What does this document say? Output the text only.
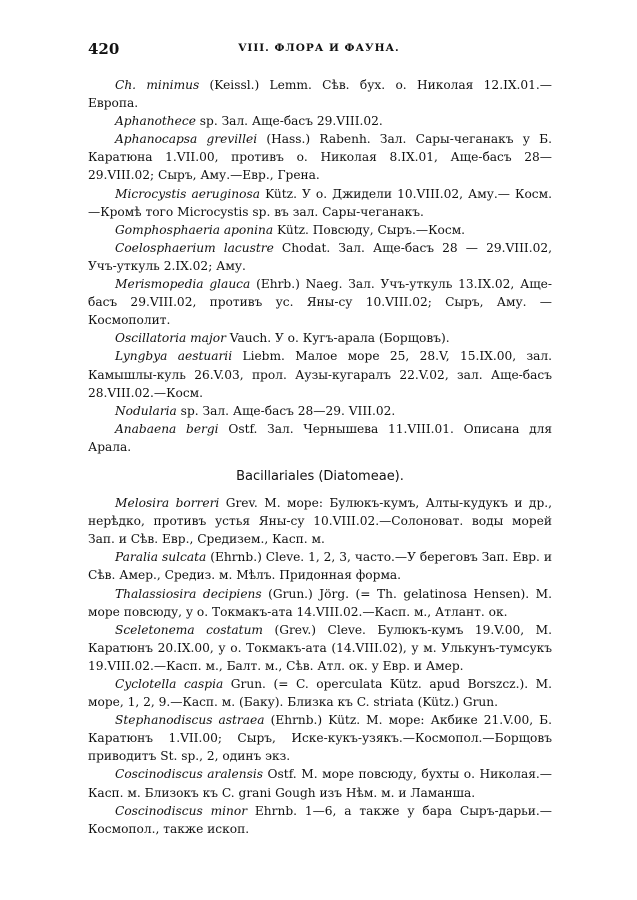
420	VIII. ФЛОРА И ФАУНА.

Ch. minimus (Keissl.) Lemm. Сѣв. бух. о. Николая 12.IX.01.— Европа.

Aphanothece sp. Зал. Аще-басъ 29.VIII.02.

Aphanocapsa grevillei (Hass.) Rabenh. Зал. Сары-чеганакъ у Б. Каратюна 1.VII.00, противъ о. Николая 8.IX.01, Аще-басъ 28—29.VIII.02; Сыръ, Аму.—Евр., Грена.

Microcystis aeruginosa Kütz. У о. Джидели 10.VIII.02, Аму.— Косм.—Кромѣ того Microcystis sp. въ зал. Сары-чеганакъ.

Gomphosphaeria aponina Kütz. Повсюду, Сыръ.—Косм.

Coelosphaerium lacustre Chodat. Зал. Аще-басъ 28 — 29.VIII.02, Учъ-уткуль 2.IX.02; Аму.

Merismopedia glauca (Ehrb.) Naeg. Зал. Учъ-уткуль 13.IX.02, Аще-басъ 29.VIII.02, противъ ус. Яны-су 10.VIII.02; Сыръ, Аму. — Космополит.

Oscillatoria major Vauch. У о. Кугъ-арала (Борщовъ).

Lyngbya aestuarii Liebm. Малое море 25, 28.V, 15.IX.00, зал. Камышлы-куль 26.V.03, прол. Аузы-кугаралъ 22.V.02, зал. Аще-басъ 28.VIII.02.—Косм.

Nodularia sp. Зал. Аще-басъ 28—29. VIII.02.

Anabaena bergi Ostf. Зал. Чернышева 11.VIII.01. Описана для Арала.

Bacillariales (Diatomeae).

Melosira borreri Grev. М. море: Булюкъ-кумъ, Алты-кудукъ и др., нерѣдко, противъ устья Яны-су 10.VIII.02.—Солоноват. воды морей Зап. и Сѣв. Евр., Средизем., Касп. м.

Paralia sulcata (Ehrnb.) Cleve. 1, 2, 3, часто.—У береговъ Зап. Евр. и Сѣв. Амер., Средиз. м. Мѣлъ. Придонная форма.

Thalassiosira decipiens (Grun.) Jörg. (= Th. gelatinosa Hensen). М. море повсюду, у о. Токмакъ-ата 14.VIII.02.—Касп. м., Атлант. ок.

Sceletonema costatum (Grev.) Cleve. Булюкъ-кумъ 19.V.00, М. Каратюнъ 20.IX.00, у о. Токмакъ-ата (14.VIII.02), у м. Улькунъ-тумсукъ 19.VIII.02.—Касп. м., Балт. м., Сѣв. Атл. ок. у Евр. и Амер.

Cyclotella caspia Grun. (= C. operculata Kütz. apud Borszcz.). М. море, 1, 2, 9.—Касп. м. (Баку). Близка къ C. striata (Kütz.) Grun.

Stephanodiscus astraea (Ehrnb.) Kütz. М. море: Акбике 21.V.00, Б. Каратюнъ 1.VII.00; Сыръ, Иске-кукъ-узякъ.—Космопол.—Борщовъ приводитъ St. sp., 2, одинъ экз.

Coscinodiscus aralensis Ostf. М. море повсюду, бухты о. Николая.— Касп. м. Близокъ къ C. grani Gough изъ Нѣм. м. и Ламанша.

Coscinodiscus minor Ehrnb. 1—6, а также у бара Сыръ-дарьи.— Космопол., также ископ.
